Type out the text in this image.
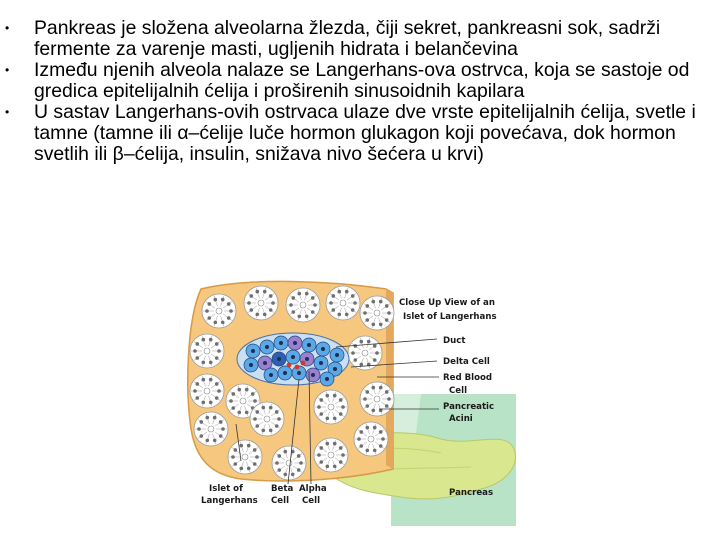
• Pankreas je složena alveolarna žlezda, čiji sekret, pankreasni sok, sadrži fermente za varenje masti, ugljenih hidrata i belančevina
• Između njenih alveola nalaze se Langerhans-ova ostrvca, koja se sastoje od gredica epitelijalnih ćelija i proširenih sinusoidnih kapilara
• U sastav Langerhans-ovih ostrvaca ulaze dve vrste epitelijalnih ćelija, svetle i tamne (tamne ili α–ćelije luče hormon glukagon koji povećava, dok hormon svetlih ili β–ćelija, insulin, snižava nivo šećera u krvi)
Close Up View of an
Islet of Langerhans
Duct
Delta Cell
Red Blood
Cell
Pancreatic
Acini
Islet of
Langerhans
Beta
Cell
Alpha
Cell
Pancreas
